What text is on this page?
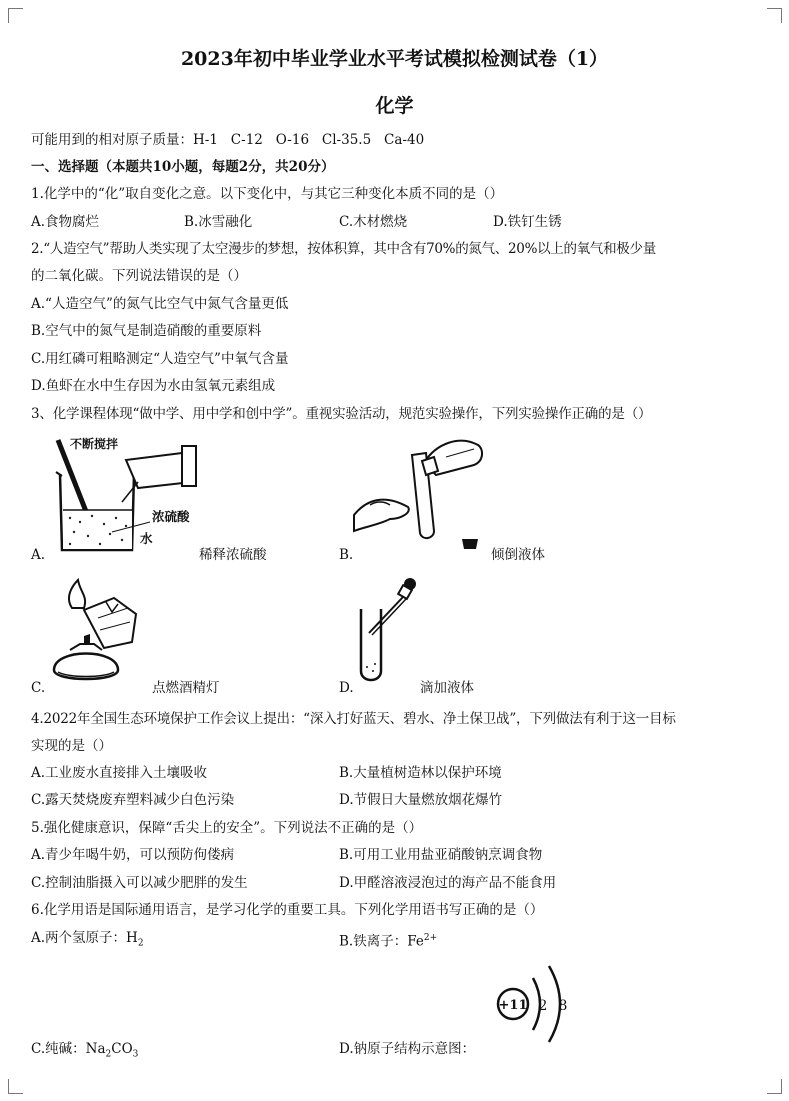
2023年初中毕业学业水平考试模拟检测试卷（1）
化学
可能用到的相对原子质量：H-1   C-12   O-16   Cl-35.5   Ca-40
一、选择题（本题共10小题，每题2分，共20分）
1.化学中的“化”取自变化之意。以下变化中，与其它三种变化本质不同的是（）
A.食物腐烂	B.冰雪融化	C.木材燃烧	D.铁钉生锈
2.“人造空气”帮助人类实现了太空漫步的梦想，按体积算，其中含有70%的氮气、20%以上的氧气和极少量
的二氧化碳。下列说法错误的是（）
A.“人造空气”的氮气比空气中氮气含量更低
B.空气中的氮气是制造硝酸的重要原料
C.用红磷可粗略测定“人造空气”中氧气含量
D.鱼虾在水中生存因为水由氢氧元素组成
3、化学课程体现“做中学、用中学和创中学”。重视实验活动，规范实验操作，下列实验操作正确的是（）
不断搅拌
浓硫酸
水
A.	稀释浓硫酸	B.	倾倒液体
C.	点燃酒精灯	D.	滴加液体
4.2022年全国生态环境保护工作会议上提出：“深入打好蓝天、碧水、净土保卫战”，下列做法有利于这一目标
实现的是（）
A.工业废水直接排入土壤吸收	B.大量植树造林以保护环境
C.露天焚烧废弃塑料减少白色污染	D.节假日大量燃放烟花爆竹
5.强化健康意识，保障“舌尖上的安全”。下列说法不正确的是（）
A.青少年喝牛奶，可以预防佝偻病	B.可用工业用盐亚硝酸钠烹调食物
C.控制油脂摄入可以减少肥胖的发生	D.甲醛溶液浸泡过的海产品不能食用
6.化学用语是国际通用语言，是学习化学的重要工具。下列化学用语书写正确的是（）
A.两个氢原子：$H_2$	B.铁离子：$Fe^{2+}$
+11 2 8
C.纯碱：$Na_2CO_3$	D.钠原子结构示意图：
